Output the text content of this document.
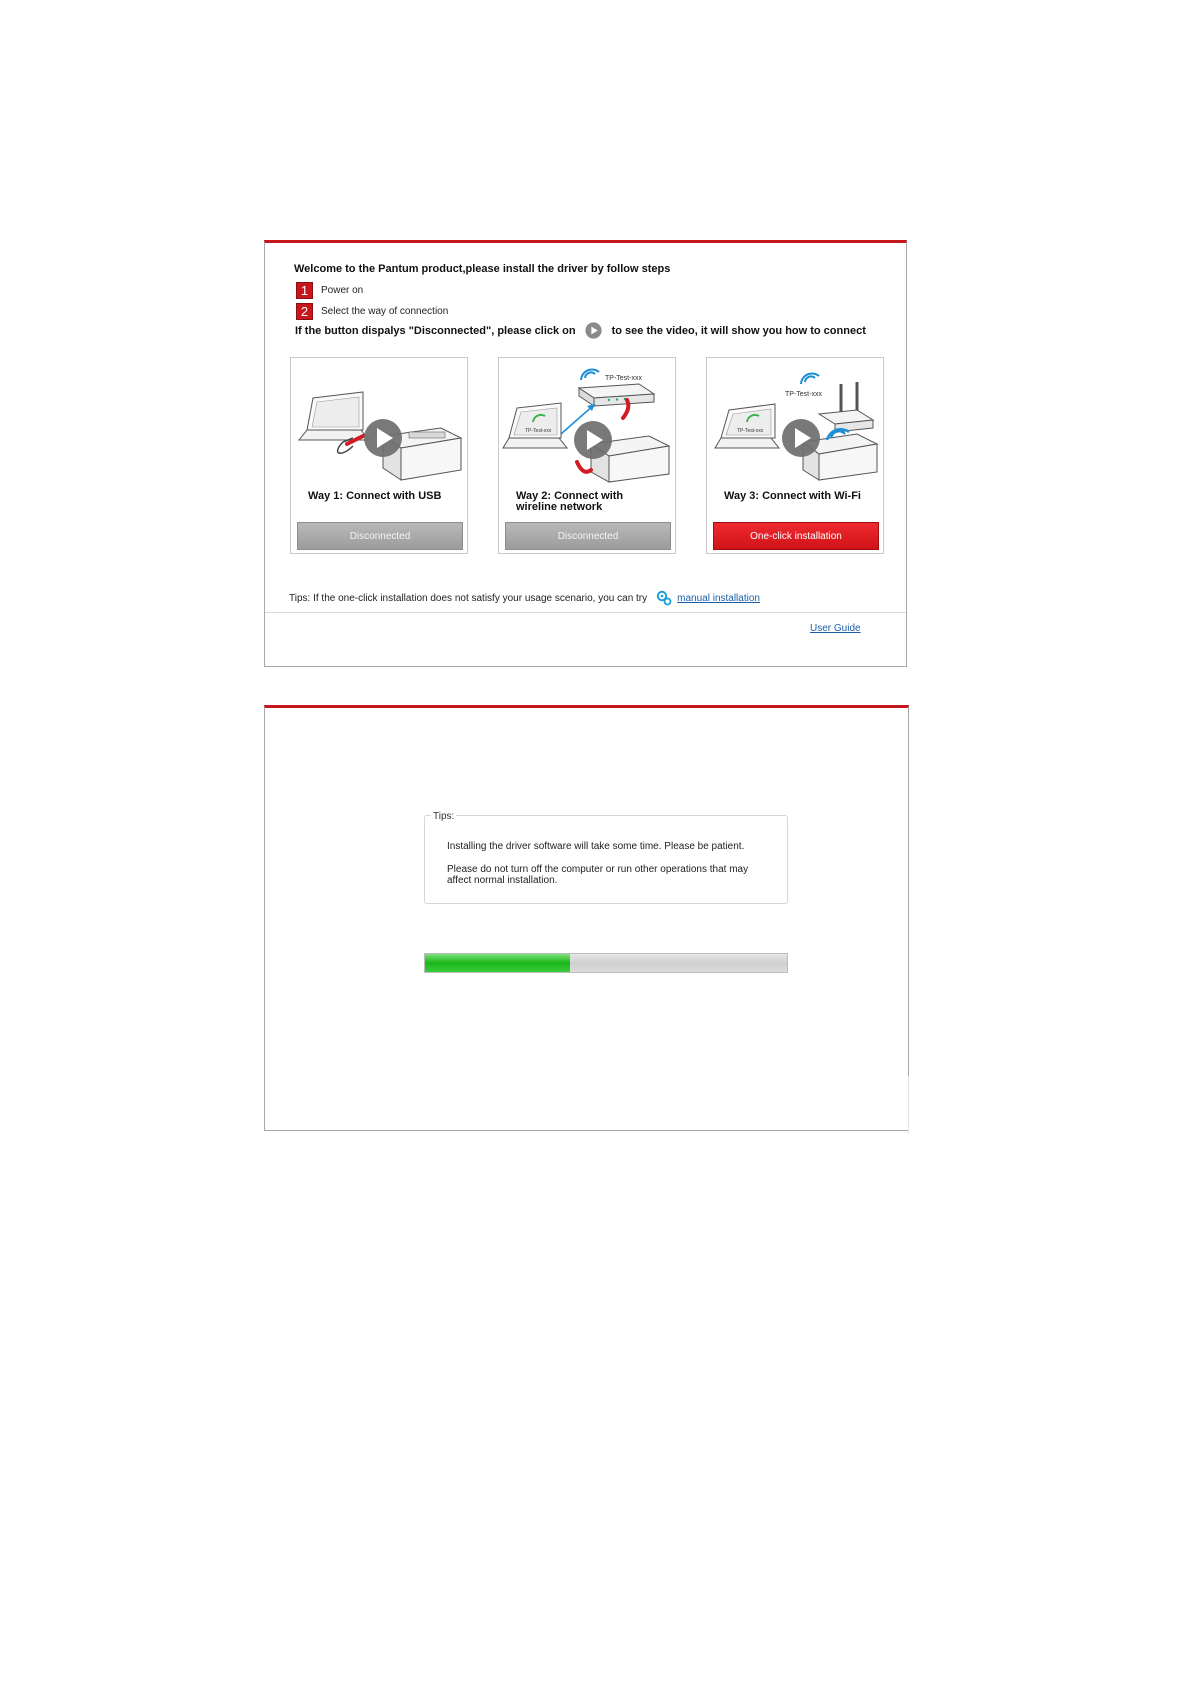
Welcome to the Pantum product,please install the driver by follow steps
1	Power on
2	Select the way of connection
If the button dispalys "Disconnected", please click on	to see the video, it will show you how to connect
Way 1: Connect with USB
Disconnected
TP-Test-xxx
TP-Test-xxx
Way 2: Connect with wireline network
Disconnected
TP-Test-xxx
TP-Test-xxx
Way 3: Connect with Wi-Fi
One-click installation
Tips: If the one-click installation does not satisfy your usage scenario, you can try	manual installation
User Guide
Tips:
Installing the driver software will take some time. Please be patient.
Please do not turn off the computer or run other operations that may affect normal installation.
